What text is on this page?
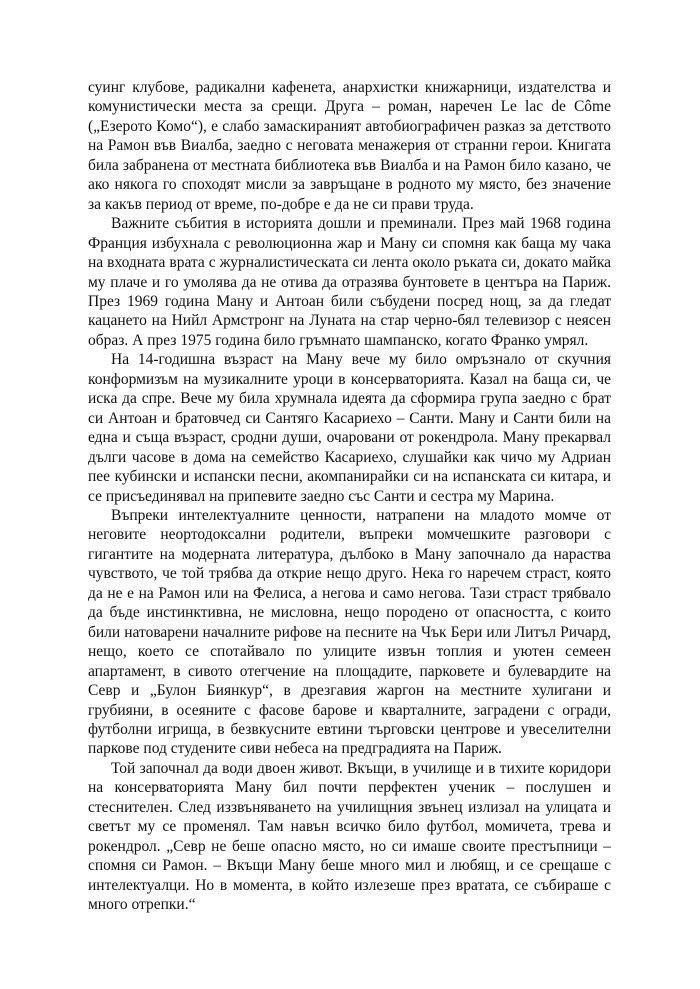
суинг клубове, радикални кафенета, анархистки книжарници, издателства и комунистически места за срещи. Друга – роман, наречен Le lac de Côme („Езерото Комо“), е слабо замаскираният автобиографичен разказ за детството на Рамон във Виалба, заедно с неговата менажерия от странни герои. Книгата била забранена от местната библиотека във Виалба и на Рамон било казано, че ако някога го споходят мисли за завръщане в родното му място, без значение за какъв период от време, по-добре е да не си прави труда.

Важните събития в историята дошли и преминали. През май 1968 година Франция избухнала с революционна жар и Ману си спомня как баща му чака на входната врата с журналистическата си лента около ръката си, докато майка му плаче и го умолява да не отива да отразява бунтовете в центъра на Париж. През 1969 година Ману и Антоан били събудени посред нощ, за да гледат кацането на Нийл Армстронг на Луната на стар черно-бял телевизор с неясен образ. А през 1975 година било гръмнато шампанско, когато Франко умрял.

На 14-годишна възраст на Ману вече му било омръзнало от скучния конформизъм на музикалните уроци в консерваторията. Казал на баща си, че иска да спре. Вече му била хрумнала идеята да сформира група заедно с брат си Антоан и братовчед си Сантяго Касариехо – Санти. Ману и Санти били на една и съща възраст, сродни души, очаровани от рокендрола. Ману прекарвал дълги часове в дома на семейство Касариехо, слушайки как чичо му Адриан пее кубински и испански песни, акомпанирайки си на испанската си китара, и се присъединявал на припевите заедно със Санти и сестра му Марина.

Въпреки интелектуалните ценности, натрапени на младото момче от неговите неортодоксални родители, въпреки момчешките разговори с гигантите на модерната литература, дълбоко в Ману започнало да нараства чувството, че той трябва да открие нещо друго. Нека го наречем страст, която да не е на Рамон или на Фелиса, а негова и само негова. Тази страст трябвало да бъде инстинктивна, не мисловна, нещо породено от опасността, с които били натоварени началните рифове на песните на Чък Бери или Литъл Ричард, нещо, което се спотайвало по улиците извън топлия и уютен семеен апартамент, в сивото отегчение на площадите, парковете и булевардите на Севр и „Булон Биянкур“, в дрезгавия жаргон на местните хулигани и грубияни, в осеяните с фасове барове и кварталните, заградени с огради, футболни игрища, в безвкусните евтини търговски центрове и увеселителни паркове под студените сиви небеса на предградията на Париж.

Той започнал да води двоен живот. Вкъщи, в училище и в тихите коридори на консерваторията Ману бил почти перфектен ученик – послушен и стеснителен. След иззвъняването на училищния звънец излизал на улицата и светът му се променял. Там навън всичко било футбол, момичета, трева и рокендрол. „Севр не беше опасно място, но си имаше своите престъпници – спомня си Рамон. – Вкъщи Ману беше много мил и любящ, и се срещаше с интелектуалци. Но в момента, в който излезеше през вратата, се събираше с много отрепки.“
